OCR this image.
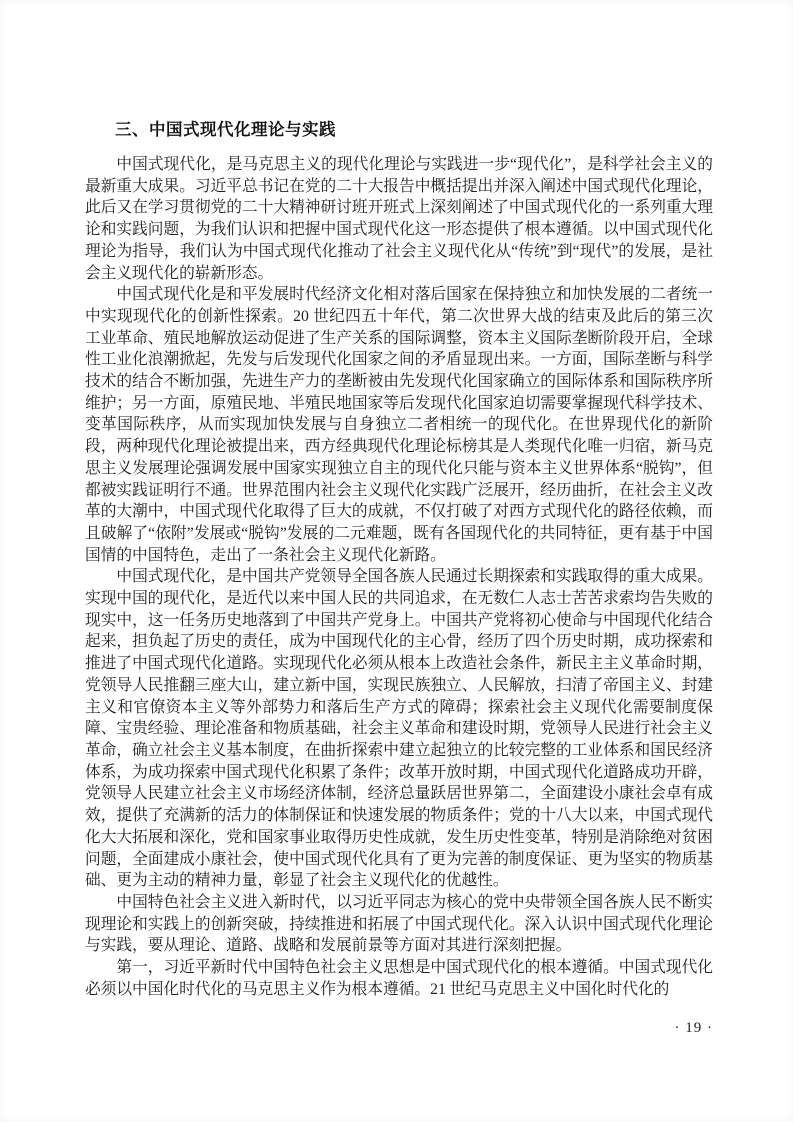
三、中国式现代化理论与实践

中国式现代化，是马克思主义的现代化理论与实践进一步“现代化”，是科学社会主义的最新重大成果。习近平总书记在党的二十大报告中概括提出并深入阐述中国式现代化理论，此后又在学习贯彻党的二十大精神研讨班开班式上深刻阐述了中国式现代化的一系列重大理论和实践问题，为我们认识和把握中国式现代化这一形态提供了根本遵循。以中国式现代化理论为指导，我们认为中国式现代化推动了社会主义现代化从“传统”到“现代”的发展，是社会主义现代化的崭新形态。

中国式现代化是和平发展时代经济文化相对落后国家在保持独立和加快发展的二者统一中实现现代化的创新性探索。20 世纪四五十年代，第二次世界大战的结束及此后的第三次工业革命、殖民地解放运动促进了生产关系的国际调整，资本主义国际垄断阶段开启，全球性工业化浪潮掀起，先发与后发现代化国家之间的矛盾显现出来。一方面，国际垄断与科学技术的结合不断加强，先进生产力的垄断被由先发现代化国家确立的国际体系和国际秩序所维护；另一方面，原殖民地、半殖民地国家等后发现代化国家迫切需要掌握现代科学技术、变革国际秩序，从而实现加快发展与自身独立二者相统一的现代化。在世界现代化的新阶段，两种现代化理论被提出来，西方经典现代化理论标榜其是人类现代化唯一归宿，新马克思主义发展理论强调发展中国家实现独立自主的现代化只能与资本主义世界体系“脱钩”，但都被实践证明行不通。世界范围内社会主义现代化实践广泛展开，经历曲折，在社会主义改革的大潮中，中国式现代化取得了巨大的成就，不仅打破了对西方式现代化的路径依赖，而且破解了“依附”发展或“脱钩”发展的二元难题，既有各国现代化的共同特征，更有基于中国国情的中国特色，走出了一条社会主义现代化新路。

中国式现代化，是中国共产党领导全国各族人民通过长期探索和实践取得的重大成果。实现中国的现代化，是近代以来中国人民的共同追求，在无数仁人志士苦苦求索均告失败的现实中，这一任务历史地落到了中国共产党身上。中国共产党将初心使命与中国现代化结合起来，担负起了历史的责任，成为中国现代化的主心骨，经历了四个历史时期，成功探索和推进了中国式现代化道路。实现现代化必须从根本上改造社会条件，新民主主义革命时期，党领导人民推翻三座大山，建立新中国，实现民族独立、人民解放，扫清了帝国主义、封建主义和官僚资本主义等外部势力和落后生产方式的障碍；探索社会主义现代化需要制度保障、宝贵经验、理论准备和物质基础，社会主义革命和建设时期，党领导人民进行社会主义革命，确立社会主义基本制度，在曲折探索中建立起独立的比较完整的工业体系和国民经济体系，为成功探索中国式现代化积累了条件；改革开放时期，中国式现代化道路成功开辟，党领导人民建立社会主义市场经济体制，经济总量跃居世界第二，全面建设小康社会卓有成效，提供了充满新的活力的体制保证和快速发展的物质条件；党的十八大以来，中国式现代化大大拓展和深化，党和国家事业取得历史性成就，发生历史性变革，特别是消除绝对贫困问题，全面建成小康社会，使中国式现代化具有了更为完善的制度保证、更为坚实的物质基础、更为主动的精神力量，彰显了社会主义现代化的优越性。

中国特色社会主义进入新时代，以习近平同志为核心的党中央带领全国各族人民不断实现理论和实践上的创新突破，持续推进和拓展了中国式现代化。深入认识中国式现代化理论与实践，要从理论、道路、战略和发展前景等方面对其进行深刻把握。

第一，习近平新时代中国特色社会主义思想是中国式现代化的根本遵循。中国式现代化必须以中国化时代化的马克思主义作为根本遵循。21 世纪马克思主义中国化时代化的

· 19 ·
